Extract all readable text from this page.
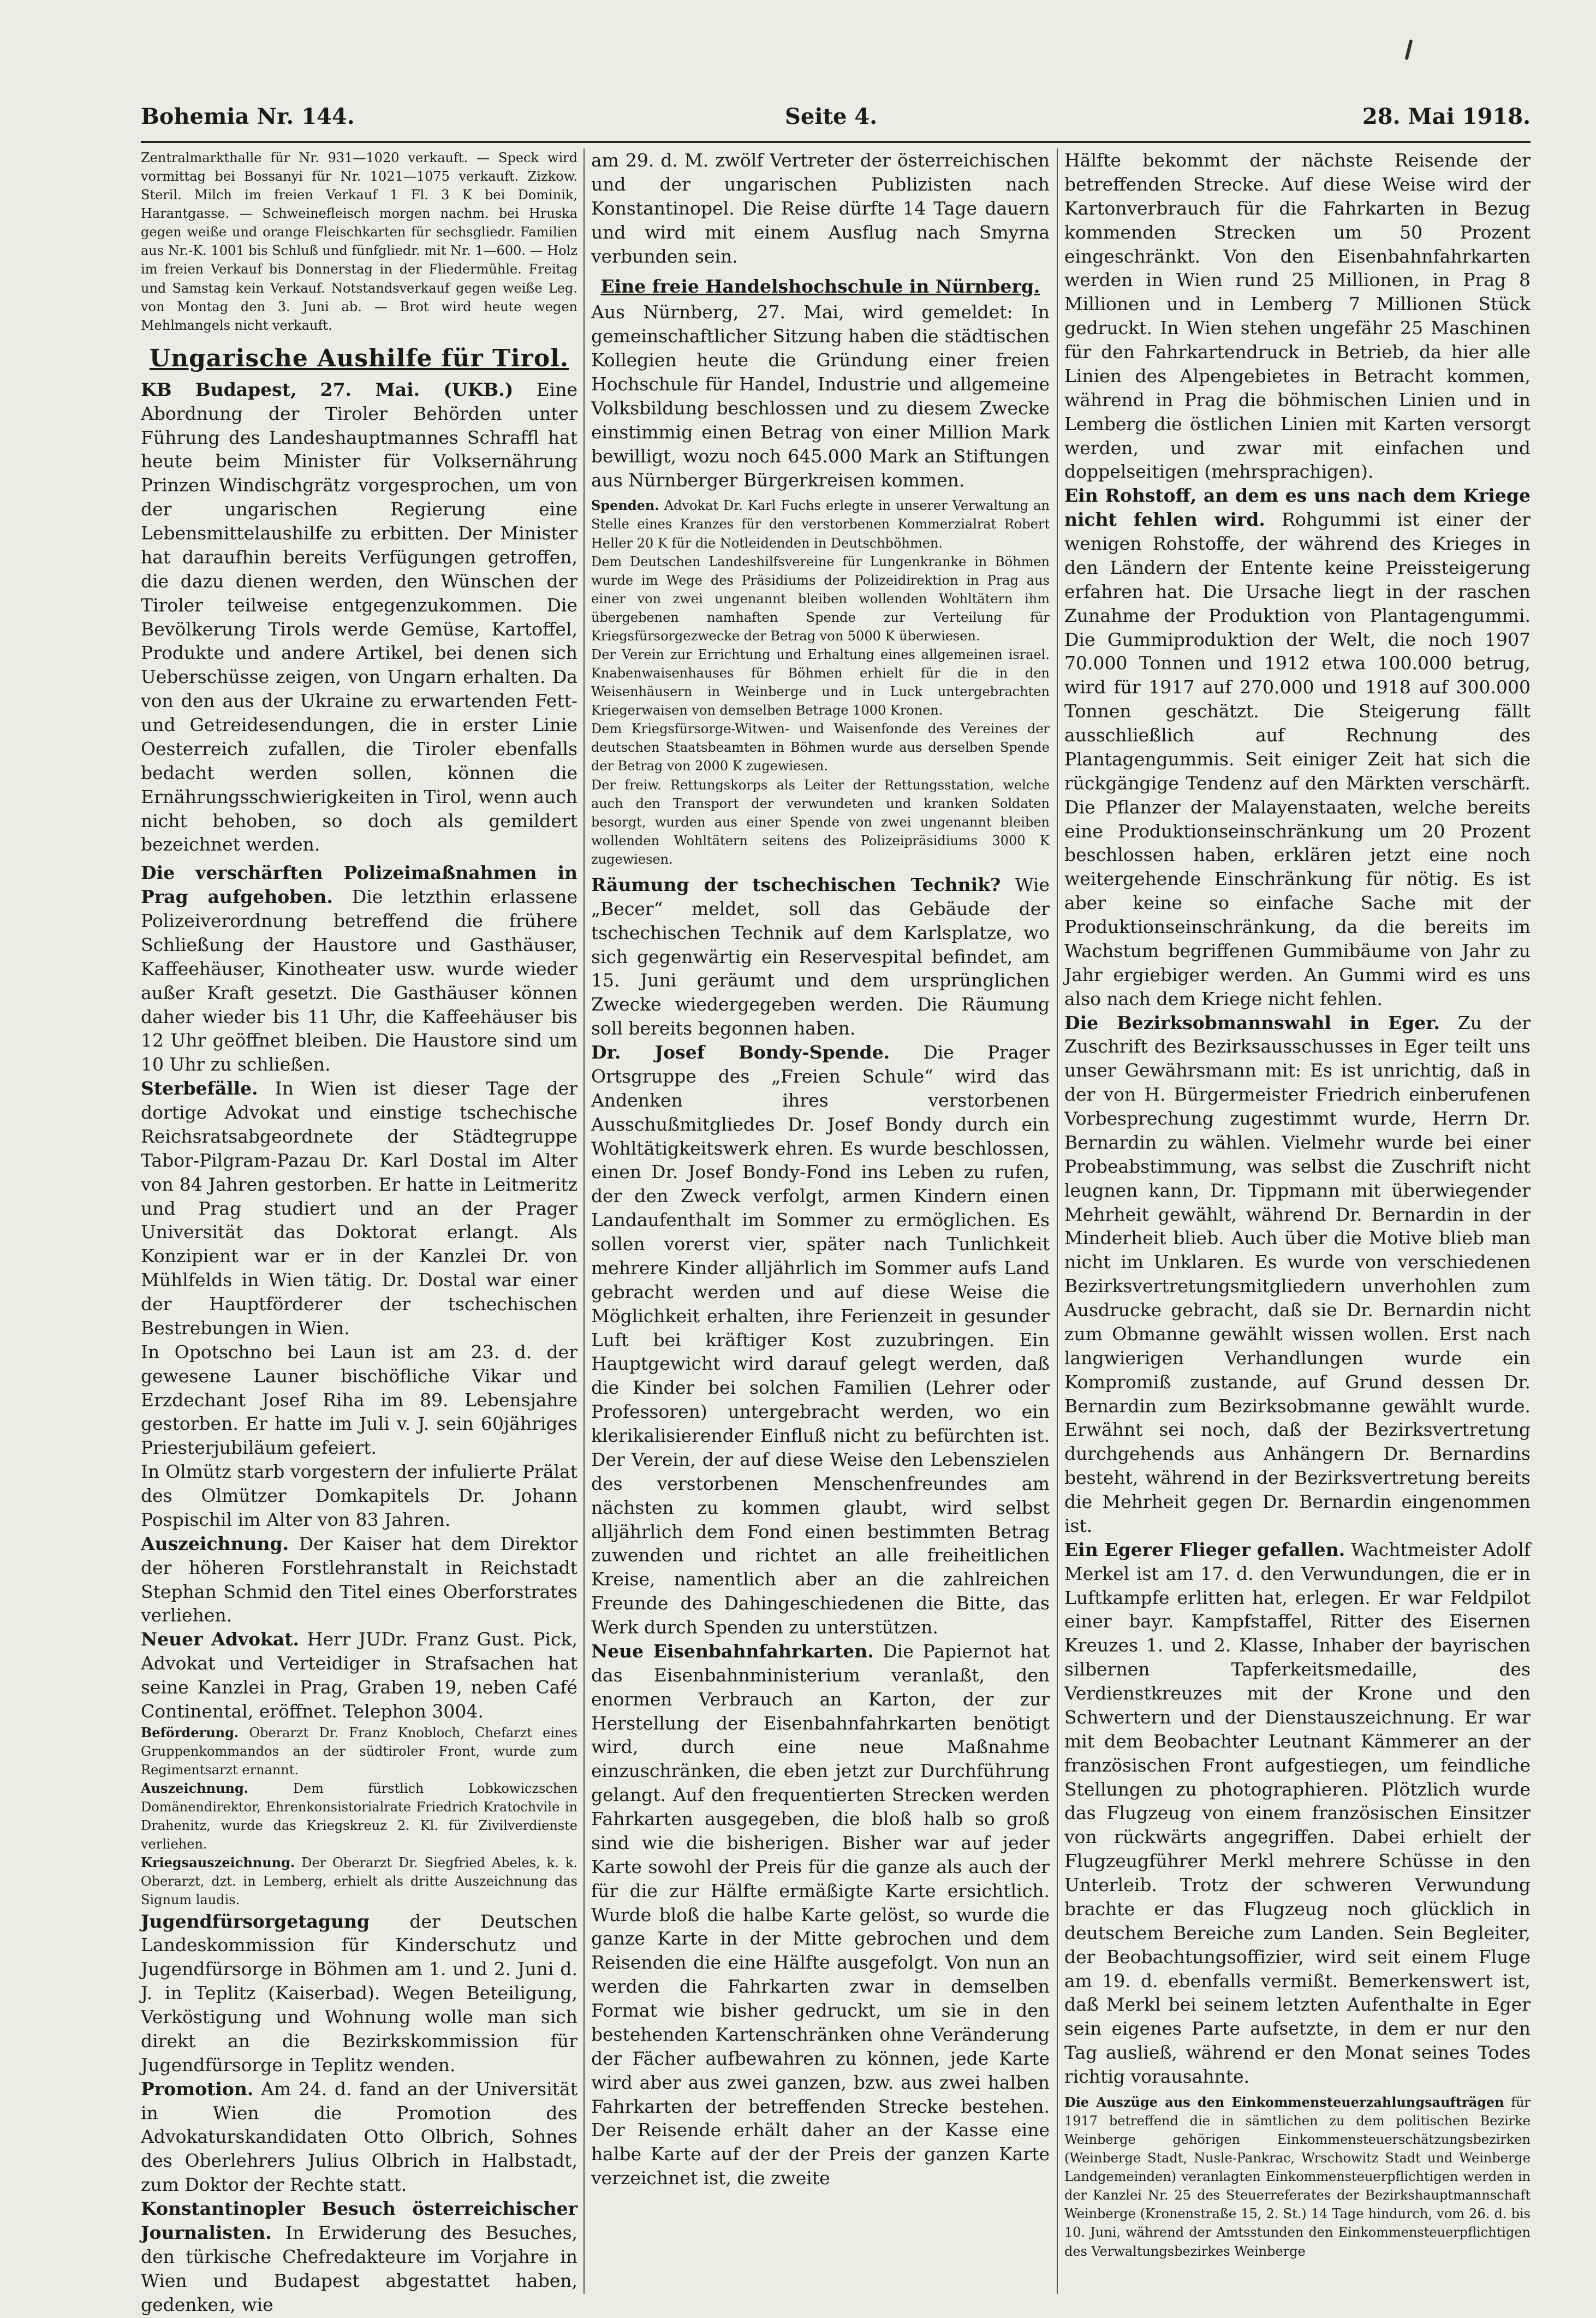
Bohemia Nr. 144.	Seite 4.	28. Mai 1918.

Zentralmarkthalle für Nr. 931—1020 verkauft. — Speck wird vormittag bei Bossanyi für Nr. 1021—1075 verkauft. Zizkow. Steril. Milch im freien Verkauf 1 Fl. 3 K bei Dominik, Harantgasse. — Schweinefleisch morgen nachm. bei Hruska gegen weiße und orange Fleischkarten für sechsgliedr. Familien aus Nr.-K. 1001 bis Schluß und fünfgliedr. mit Nr. 1—600. — Holz im freien Verkauf bis Donnerstag in der Fliedermühle. Freitag und Samstag kein Verkauf. Notstandsverkauf gegen weiße Leg. von Montag den 3. Juni ab. — Brot wird heute wegen Mehlmangels nicht verkauft.

Ungarische Aushilfe für Tirol.

KB Budapest, 27. Mai. (UKB.) Eine Abordnung der Tiroler Behörden unter Führung des Landeshauptmannes Schraffl hat heute beim Minister für Volksernährung Prinzen Windischgrätz vorgesprochen, um von der ungarischen Regierung eine Lebensmittelaushilfe zu erbitten. Der Minister hat daraufhin bereits Verfügungen getroffen, die dazu dienen werden, den Wünschen der Tiroler teilweise entgegenzukommen. Die Bevölkerung Tirols werde Gemüse, Kartoffel, Produkte und andere Artikel, bei denen sich Ueberschüsse zeigen, von Ungarn erhalten. Da von den aus der Ukraine zu erwartenden Fett- und Getreidesendungen, die in erster Linie Oesterreich zufallen, die Tiroler ebenfalls bedacht werden sollen, können die Ernährungsschwierigkeiten in Tirol, wenn auch nicht behoben, so doch als gemildert bezeichnet werden.

Die verschärften Polizeimaßnahmen in Prag aufgehoben. Die letzthin erlassene Polizeiverordnung betreffend die frühere Schließung der Haustore und Gasthäuser, Kaffeehäuser, Kinotheater usw. wurde wieder außer Kraft gesetzt. Die Gasthäuser können daher wieder bis 11 Uhr, die Kaffeehäuser bis 12 Uhr geöffnet bleiben. Die Haustore sind um 10 Uhr zu schließen.

Sterbefälle. In Wien ist dieser Tage der dortige Advokat und einstige tschechische Reichsratsabgeordnete der Städtegruppe Tabor-Pilgram-Pazau Dr. Karl Dostal im Alter von 84 Jahren gestorben. Er hatte in Leitmeritz und Prag studiert und an der Prager Universität das Doktorat erlangt. Als Konzipient war er in der Kanzlei Dr. von Mühlfelds in Wien tätig. Dr. Dostal war einer der Hauptförderer der tschechischen Bestrebungen in Wien.

In Opotschno bei Laun ist am 23. d. der gewesene Launer bischöfliche Vikar und Erzdechant Josef Riha im 89. Lebensjahre gestorben. Er hatte im Juli v. J. sein 60jähriges Priesterjubiläum gefeiert.

In Olmütz starb vorgestern der infulierte Prälat des Olmützer Domkapitels Dr. Johann Pospischil im Alter von 83 Jahren.

Auszeichnung. Der Kaiser hat dem Direktor der höheren Forstlehranstalt in Reichstadt Stephan Schmid den Titel eines Oberforstrates verliehen.

Neuer Advokat. Herr JUDr. Franz Gust. Pick, Advokat und Verteidiger in Strafsachen hat seine Kanzlei in Prag, Graben 19, neben Café Continental, eröffnet. Telephon 3004.

Beförderung. Oberarzt Dr. Franz Knobloch, Chefarzt eines Gruppenkommandos an der südtiroler Front, wurde zum Regimentsarzt ernannt.

Auszeichnung.	Dem fürstlich Lobkowiczschen Domänendirektor, Ehrenkonsistorialrate Friedrich Kratochvile in Drahenitz, wurde das Kriegskreuz 2. Kl. für Zivilverdienste verliehen.

Kriegsauszeichnung. Der Oberarzt Dr. Siegfried Abeles, k. k. Oberarzt, dzt. in Lemberg, erhielt als dritte Auszeichnung das Signum laudis.

Jugendfürsorgetagung der Deutschen Landeskommission für Kinderschutz und Jugendfürsorge in Böhmen am 1. und 2. Juni d. J. in Teplitz (Kaiserbad). Wegen Beteiligung, Verköstigung und Wohnung wolle man sich direkt an die Bezirkskommission für Jugendfürsorge in Teplitz wenden.

Promotion. Am 24. d. fand an der Universität in Wien die Promotion des Advokaturskandidaten Otto Olbrich, Sohnes des Oberlehrers Julius Olbrich in Halbstadt, zum Doktor der Rechte statt.

Konstantinopler Besuch österreichischer Journalisten. In Erwiderung des Besuches, den türkische Chefredakteure im Vorjahre in Wien und Budapest abgestattet haben, gedenken, wie

am 29. d. M. zwölf Vertreter der österreichischen und der ungarischen Publizisten nach Konstantinopel. Die Reise dürfte 14 Tage dauern und wird mit einem Ausflug nach Smyrna verbunden sein.

Eine freie Handelshochschule in Nürnberg.

Aus Nürnberg, 27. Mai, wird gemeldet: In gemeinschaftlicher Sitzung haben die städtischen Kollegien heute die Gründung einer freien Hochschule für Handel, Industrie und allgemeine Volksbildung beschlossen und zu diesem Zwecke einstimmig einen Betrag von einer Million Mark bewilligt, wozu noch 645.000 Mark an Stiftungen aus Nürnberger Bürgerkreisen kommen.

Spenden. Advokat Dr. Karl Fuchs erlegte in unserer Verwaltung an Stelle eines Kranzes für den verstorbenen Kommerzialrat Robert Heller 20 K für die Notleidenden in Deutschböhmen.

Dem Deutschen Landeshilfsvereine für Lungenkranke in Böhmen wurde im Wege des Präsidiums der Polizeidirektion in Prag aus einer von zwei ungenannt bleiben wollenden Wohltätern ihm übergebenen namhaften Spende zur Verteilung für Kriegsfürsorgezwecke der Betrag von 5000 K überwiesen.

Der Verein zur Errichtung und Erhaltung eines allgemeinen israel. Knabenwaisenhauses für Böhmen erhielt für die in den Weisenhäusern in Weinberge und in Luck untergebrachten Kriegerwaisen von demselben Betrage 1000 Kronen.

Dem Kriegsfürsorge-Witwen- und Waisenfonde des Vereines der deutschen Staatsbeamten in Böhmen wurde aus derselben Spende der Betrag von 2000 K zugewiesen.

Der freiw. Rettungskorps als Leiter der Rettungsstation, welche auch den Transport der verwundeten und kranken Soldaten besorgt, wurden aus einer Spende von zwei ungenannt bleiben wollenden Wohltätern seitens des Polizeipräsidiums 3000 K zugewiesen.

Räumung der tschechischen Technik? Wie „Becer“ meldet, soll das Gebäude der tschechischen Technik auf dem Karlsplatze, wo sich gegenwärtig ein Reservespital befindet, am 15. Juni geräumt und dem ursprünglichen Zwecke wiedergegeben werden. Die Räumung soll bereits begonnen haben.

Dr. Josef Bondy-Spende. Die Prager Ortsgruppe des „Freien Schule“ wird das Andenken ihres verstorbenen Ausschußmitgliedes Dr. Josef Bondy durch ein Wohltätigkeitswerk ehren. Es wurde beschlossen, einen Dr. Josef Bondy-Fond ins Leben zu rufen, der den Zweck verfolgt, armen Kindern einen Landaufenthalt im Sommer zu ermöglichen. Es sollen vorerst vier, später nach Tunlichkeit mehrere Kinder alljährlich im Sommer aufs Land gebracht werden und auf diese Weise die Möglichkeit erhalten, ihre Ferienzeit in gesunder Luft bei kräftiger Kost zuzubringen. Ein Hauptgewicht wird darauf gelegt werden, daß die Kinder bei solchen Familien (Lehrer oder Professoren) untergebracht werden, wo ein klerikalisierender Einfluß nicht zu befürchten ist. Der Verein, der auf diese Weise den Lebenszielen des verstorbenen Menschenfreundes am nächsten zu kommen glaubt, wird selbst alljährlich dem Fond einen bestimmten Betrag zuwenden und richtet an alle freiheitlichen Kreise, namentlich aber an die zahlreichen Freunde des Dahingeschiedenen die Bitte, das Werk durch Spenden zu unterstützen.

Neue Eisenbahnfahrkarten. Die Papiernot hat das Eisenbahnministerium veranlaßt, den enormen Verbrauch an Karton, der zur Herstellung der Eisenbahnfahrkarten benötigt wird, durch eine neue Maßnahme einzuschränken, die eben jetzt zur Durchführung gelangt. Auf den frequentierten Strecken werden Fahrkarten ausgegeben, die bloß halb so groß sind wie die bisherigen. Bisher war auf jeder Karte sowohl der Preis für die ganze als auch der für die zur Hälfte ermäßigte Karte ersichtlich. Wurde bloß die halbe Karte gelöst, so wurde die ganze Karte in der Mitte gebrochen und dem Reisenden die eine Hälfte ausgefolgt. Von nun an werden die Fahrkarten zwar in demselben Format wie bisher gedruckt, um sie in den bestehenden Kartenschränken ohne Veränderung der Fächer aufbewahren zu können, jede Karte wird aber aus zwei ganzen, bzw. aus zwei halben Fahrkarten der betreffenden Strecke bestehen. Der Reisende erhält daher an der Kasse eine halbe Karte auf der der Preis der ganzen Karte verzeichnet ist, die zweite

Hälfte bekommt der nächste Reisende der betreffenden Strecke. Auf diese Weise wird der Kartonverbrauch für die Fahrkarten in Bezug kommenden Strecken um 50 Prozent eingeschränkt. Von den Eisenbahnfahrkarten werden in Wien rund 25 Millionen, in Prag 8 Millionen und in Lemberg 7 Millionen Stück gedruckt. In Wien stehen ungefähr 25 Maschinen für den Fahrkartendruck in Betrieb, da hier alle Linien des Alpengebietes in Betracht kommen, während in Prag die böhmischen Linien und in Lemberg die östlichen Linien mit Karten versorgt werden, und zwar mit einfachen und doppelseitigen (mehrsprachigen).

Ein Rohstoff, an dem es uns nach dem Kriege nicht fehlen wird. Rohgummi ist einer der wenigen Rohstoffe, der während des Krieges in den Ländern der Entente keine Preissteigerung erfahren hat. Die Ursache liegt in der raschen Zunahme der Produktion von Plantagengummi. Die Gummiproduktion der Welt, die noch 1907 70.000 Tonnen und 1912 etwa 100.000 betrug, wird für 1917 auf 270.000 und 1918 auf 300.000 Tonnen geschätzt. Die Steigerung fällt ausschließlich auf Rechnung des Plantagengummis. Seit einiger Zeit hat sich die rückgängige Tendenz auf den Märkten verschärft. Die Pflanzer der Malayenstaaten, welche bereits eine Produktionseinschränkung um 20 Prozent beschlossen haben, erklären jetzt eine noch weitergehende Einschränkung für nötig. Es ist aber keine so einfache Sache mit der Produktionseinschränkung, da die bereits im Wachstum begriffenen Gummibäume von Jahr zu Jahr ergiebiger werden. An Gummi wird es uns also nach dem Kriege nicht fehlen.

Die Bezirksobmannswahl in Eger. Zu der Zuschrift des Bezirksausschusses in Eger teilt uns unser Gewährsmann mit: Es ist unrichtig, daß in der von H. Bürgermeister Friedrich einberufenen Vorbesprechung zugestimmt wurde, Herrn Dr. Bernardin zu wählen. Vielmehr wurde bei einer Probeabstimmung, was selbst die Zuschrift nicht leugnen kann, Dr. Tippmann mit überwiegender Mehrheit gewählt, während Dr. Bernardin in der Minderheit blieb. Auch über die Motive blieb man nicht im Unklaren. Es wurde von verschiedenen Bezirksvertretungsmitgliedern unverhohlen zum Ausdrucke gebracht, daß sie Dr. Bernardin nicht zum Obmanne gewählt wissen wollen. Erst nach langwierigen Verhandlungen wurde ein Kompromiß zustande, auf Grund dessen Dr. Bernardin zum Bezirksobmanne gewählt wurde. Erwähnt sei noch, daß der Bezirksvertretung durchgehends aus Anhängern Dr. Bernardins besteht, während in der Bezirksvertretung bereits die Mehrheit gegen Dr. Bernardin eingenommen ist.

Ein Egerer Flieger gefallen. Wachtmeister Adolf Merkel ist am 17. d. den Verwundungen, die er in Luftkampfe erlitten hat, erlegen. Er war Feldpilot einer bayr. Kampfstaffel, Ritter des Eisernen Kreuzes 1. und 2. Klasse, Inhaber der bayrischen silbernen Tapferkeitsmedaille, des Verdienstkreuzes mit der Krone und den Schwertern und der Dienstauszeichnung. Er war mit dem Beobachter Leutnant Kämmerer an der französischen Front aufgestiegen, um feindliche Stellungen zu photographieren. Plötzlich wurde das Flugzeug von einem französischen Einsitzer von rückwärts angegriffen. Dabei erhielt der Flugzeugführer Merkl mehrere Schüsse in den Unterleib. Trotz der schweren Verwundung brachte er das Flugzeug noch glücklich in deutschem Bereiche zum Landen. Sein Begleiter, der Beobachtungsoffizier, wird seit einem Fluge am 19. d. ebenfalls vermißt. Bemerkenswert ist, daß Merkl bei seinem letzten Aufenthalte in Eger sein eigenes Parte aufsetzte, in dem er nur den Tag ausließ, während er den Monat seines Todes richtig vorausahnte.

Die Auszüge aus den Einkommensteuerzahlungsaufträgen für 1917 betreffend die in sämtlichen zu dem politischen Bezirke Weinberge gehörigen Einkommensteuerschätzungsbezirken (Weinberge Stadt, Nusle-Pankrac, Wrschowitz Stadt und Weinberge Landgemeinden) veranlagten Einkommensteuerpflichtigen werden in der Kanzlei Nr. 25 des Steuerreferates der Bezirkshauptmannschaft Weinberge (Kronenstraße 15, 2. St.) 14 Tage hindurch, vom 26. d. bis 10. Juni, während der Amtsstunden den Einkommensteuerpflichtigen des Verwaltungsbezirkes Weinberge
